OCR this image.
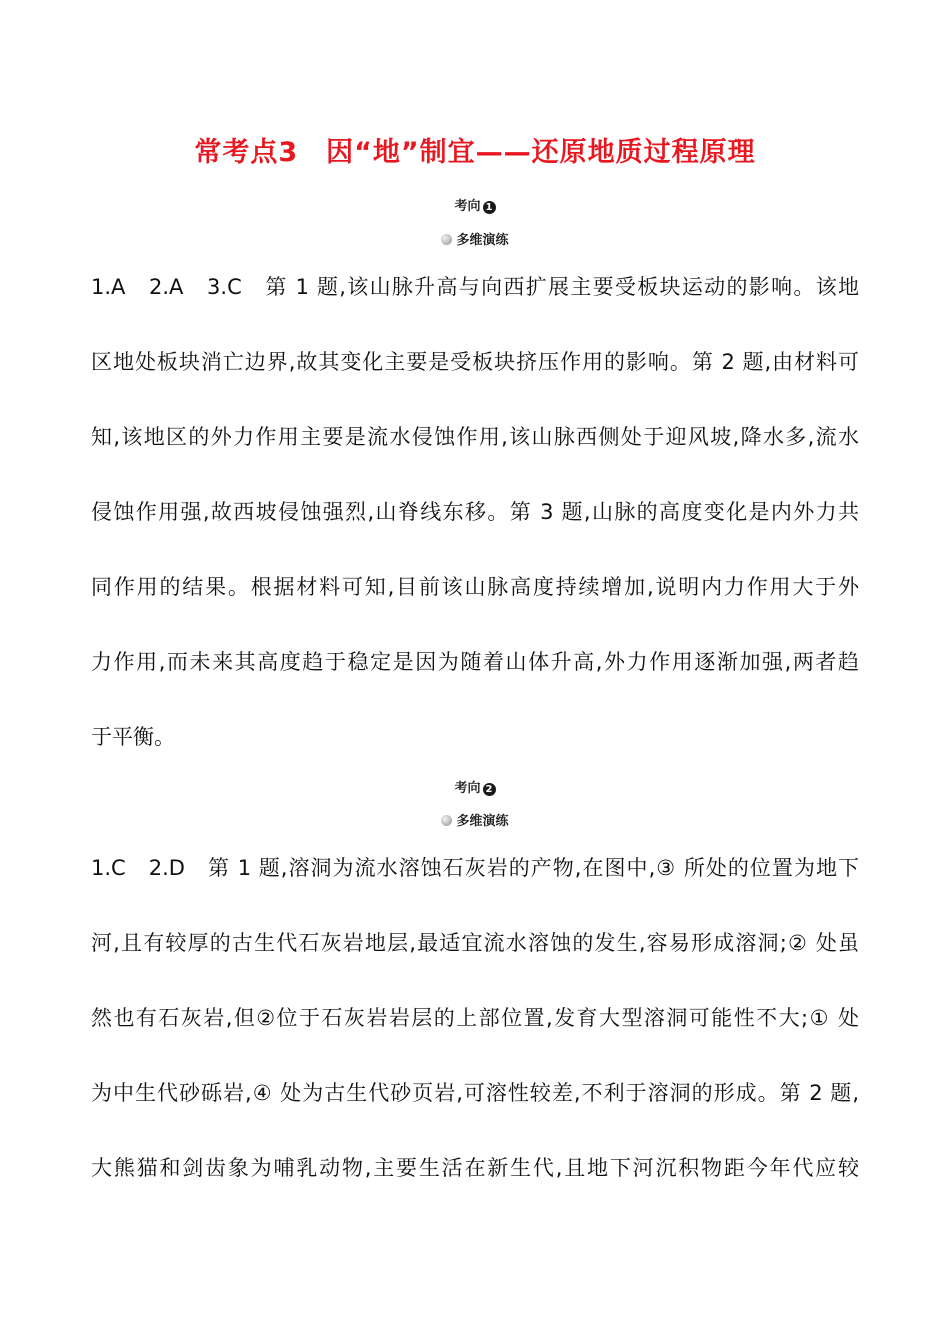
常考点3　因“地”制宜——还原地质过程原理
考向 1
多维演练
1.A　2.A　3.C　第 1 题,该山脉升高与向西扩展主要受板块运动的影响。该地
区地处板块消亡边界,故其变化主要是受板块挤压作用的影响。第 2 题,由材料可
知,该地区的外力作用主要是流水侵蚀作用,该山脉西侧处于迎风坡,降水多,流水
侵蚀作用强,故西坡侵蚀强烈,山脊线东移。第 3 题,山脉的高度变化是内外力共
同作用的结果。根据材料可知,目前该山脉高度持续增加,说明内力作用大于外
力作用,而未来其高度趋于稳定是因为随着山体升高,外力作用逐渐加强,两者趋
于平衡。
考向 2
多维演练
1.C　2.D　第 1 题,溶洞为流水溶蚀石灰岩的产物,在图中,③ 所处的位置为地下
河,且有较厚的古生代石灰岩地层,最适宜流水溶蚀的发生,容易形成溶洞;② 处虽
然也有石灰岩,但②位于石灰岩岩层的上部位置,发育大型溶洞可能性不大;① 处
为中生代砂砾岩,④ 处为古生代砂页岩,可溶性较差,不利于溶洞的形成。第 2 题,
大熊猫和剑齿象为哺乳动物,主要生活在新生代,且地下河沉积物距今年代应较
